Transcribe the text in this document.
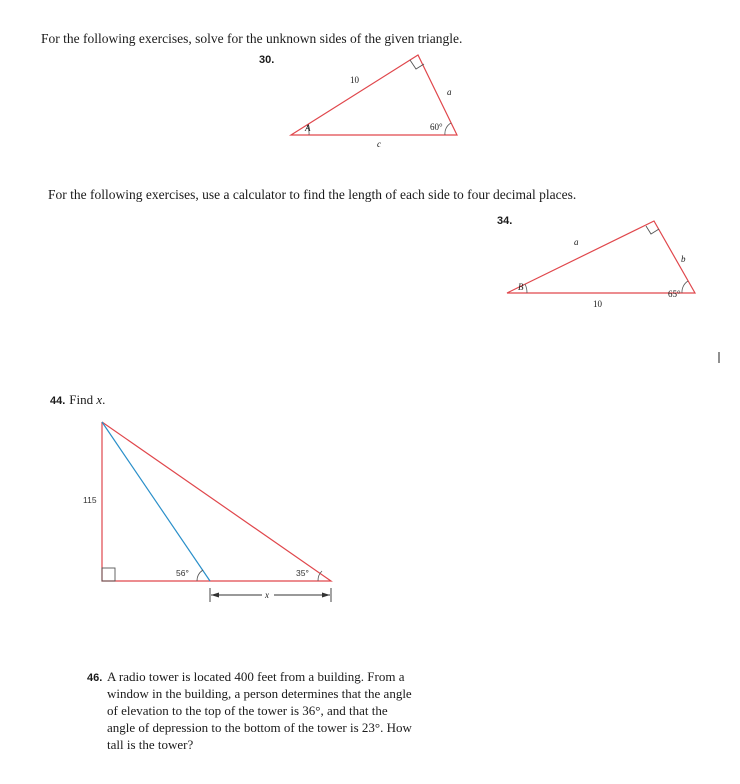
For the following exercises, solve for the unknown sides of the given triangle.
30.
10
a
A	60°
c
a
b
B
65°
10
115
56°	35°
x
For the following exercises, use a calculator to find the length of each side to four decimal places.
34.
44. Find x.
46. A radio tower is located 400 feet from a building. From a window in the building, a person determines that the angle of elevation to the top of the tower is 36°, and that the angle of depression to the bottom of the tower is 23°. How tall is the tower?
